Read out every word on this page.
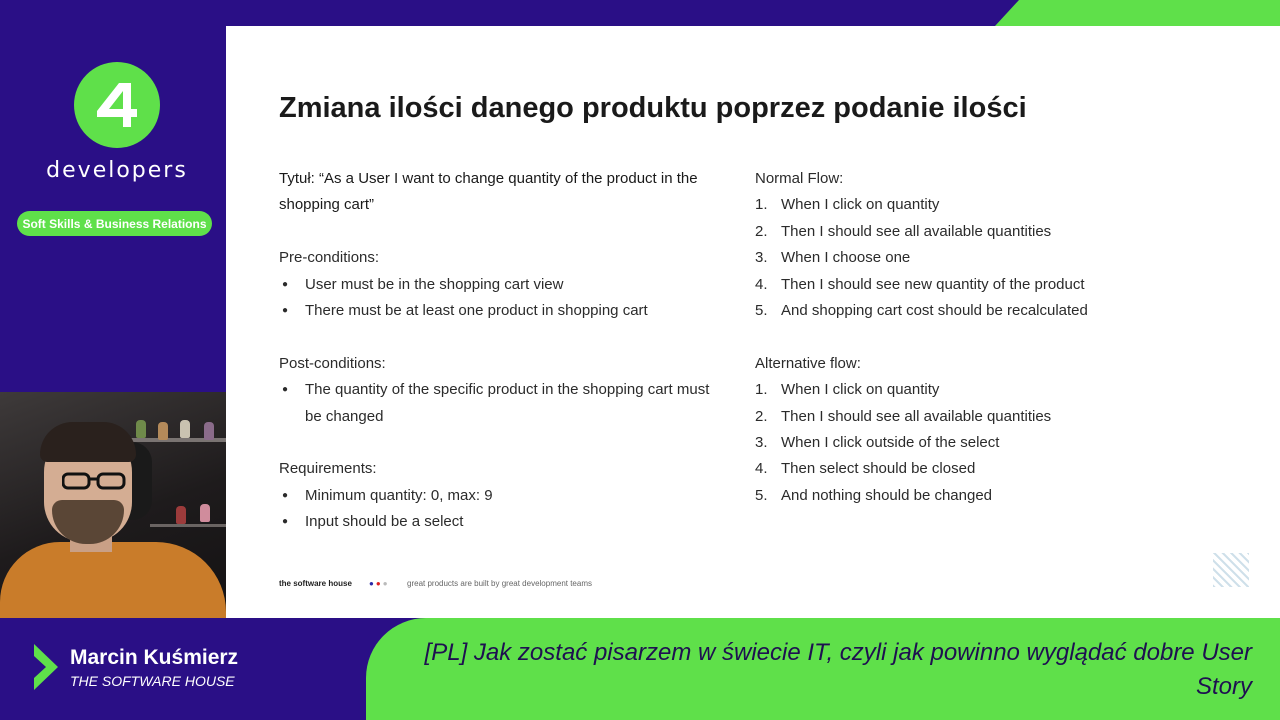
developers
Soft Skills & Business Relations
Zmiana ilości danego produktu poprzez podanie ilości

Tytuł: “As a User I want to change quantity of the product in the shopping cart”

Pre-conditions:

● User must be in the shopping cart view
● There must be at least one product in shopping cart

Post-conditions:

● The quantity of the specific product in the shopping cart must be changed

Requirements:

● Minimum quantity: 0, max: 9
● Input should be a select

Normal Flow:

1. When I click on quantity
2. Then I should see all available quantities
3. When I choose one
4. Then I should see new quantity of the product
5. And shopping cart cost should be recalculated

Alternative flow:

1. When I click on quantity
2. Then I should see all available quantities
3. When I click outside of the select
4. Then select should be closed
5. And nothing should be changed
the software house ●●● great products are built by great development teams
Marcin Kuśmierz
THE SOFTWARE HOUSE
[PL] Jak zostać pisarzem w świecie IT, czyli jak powinno wyglądać dobre User Story
